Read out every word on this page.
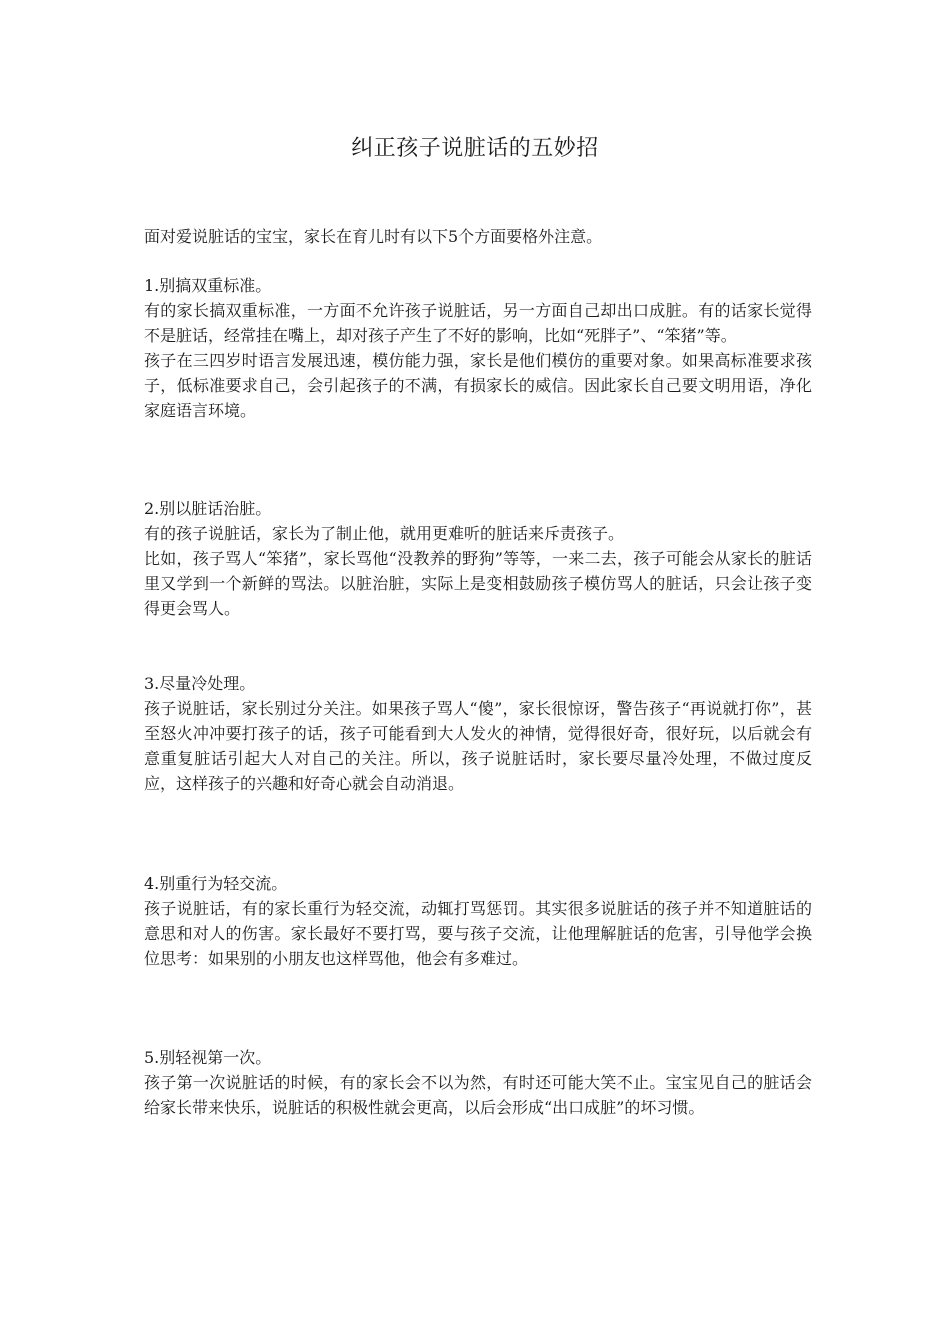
纠正孩子说脏话的五妙招

面对爱说脏话的宝宝，家长在育儿时有以下5个方面要格外注意。

1.别搞双重标准。

有的家长搞双重标准，一方面不允许孩子说脏话，另一方面自己却出口成脏。有的话家长觉得不是脏话，经常挂在嘴上，却对孩子产生了不好的影响，比如“死胖子”、“笨猪”等。

孩子在三四岁时语言发展迅速，模仿能力强，家长是他们模仿的重要对象。如果高标准要求孩子，低标准要求自己，会引起孩子的不满，有损家长的威信。因此家长自己要文明用语，净化家庭语言环境。

2.别以脏话治脏。

有的孩子说脏话，家长为了制止他，就用更难听的脏话来斥责孩子。

比如，孩子骂人“笨猪”，家长骂他“没教养的野狗”等等，一来二去，孩子可能会从家长的脏话里又学到一个新鲜的骂法。以脏治脏，实际上是变相鼓励孩子模仿骂人的脏话，只会让孩子变得更会骂人。

3.尽量冷处理。

孩子说脏话，家长别过分关注。如果孩子骂人“傻”，家长很惊讶，警告孩子“再说就打你”，甚至怒火冲冲要打孩子的话，孩子可能看到大人发火的神情，觉得很好奇，很好玩，以后就会有意重复脏话引起大人对自己的关注。所以，孩子说脏话时，家长要尽量冷处理，不做过度反应，这样孩子的兴趣和好奇心就会自动消退。

4.别重行为轻交流。

孩子说脏话，有的家长重行为轻交流，动辄打骂惩罚。其实很多说脏话的孩子并不知道脏话的意思和对人的伤害。家长最好不要打骂，要与孩子交流，让他理解脏话的危害，引导他学会换位思考：如果别的小朋友也这样骂他，他会有多难过。

5.别轻视第一次。

孩子第一次说脏话的时候，有的家长会不以为然，有时还可能大笑不止。宝宝见自己的脏话会给家长带来快乐，说脏话的积极性就会更高，以后会形成“出口成脏”的坏习惯。
